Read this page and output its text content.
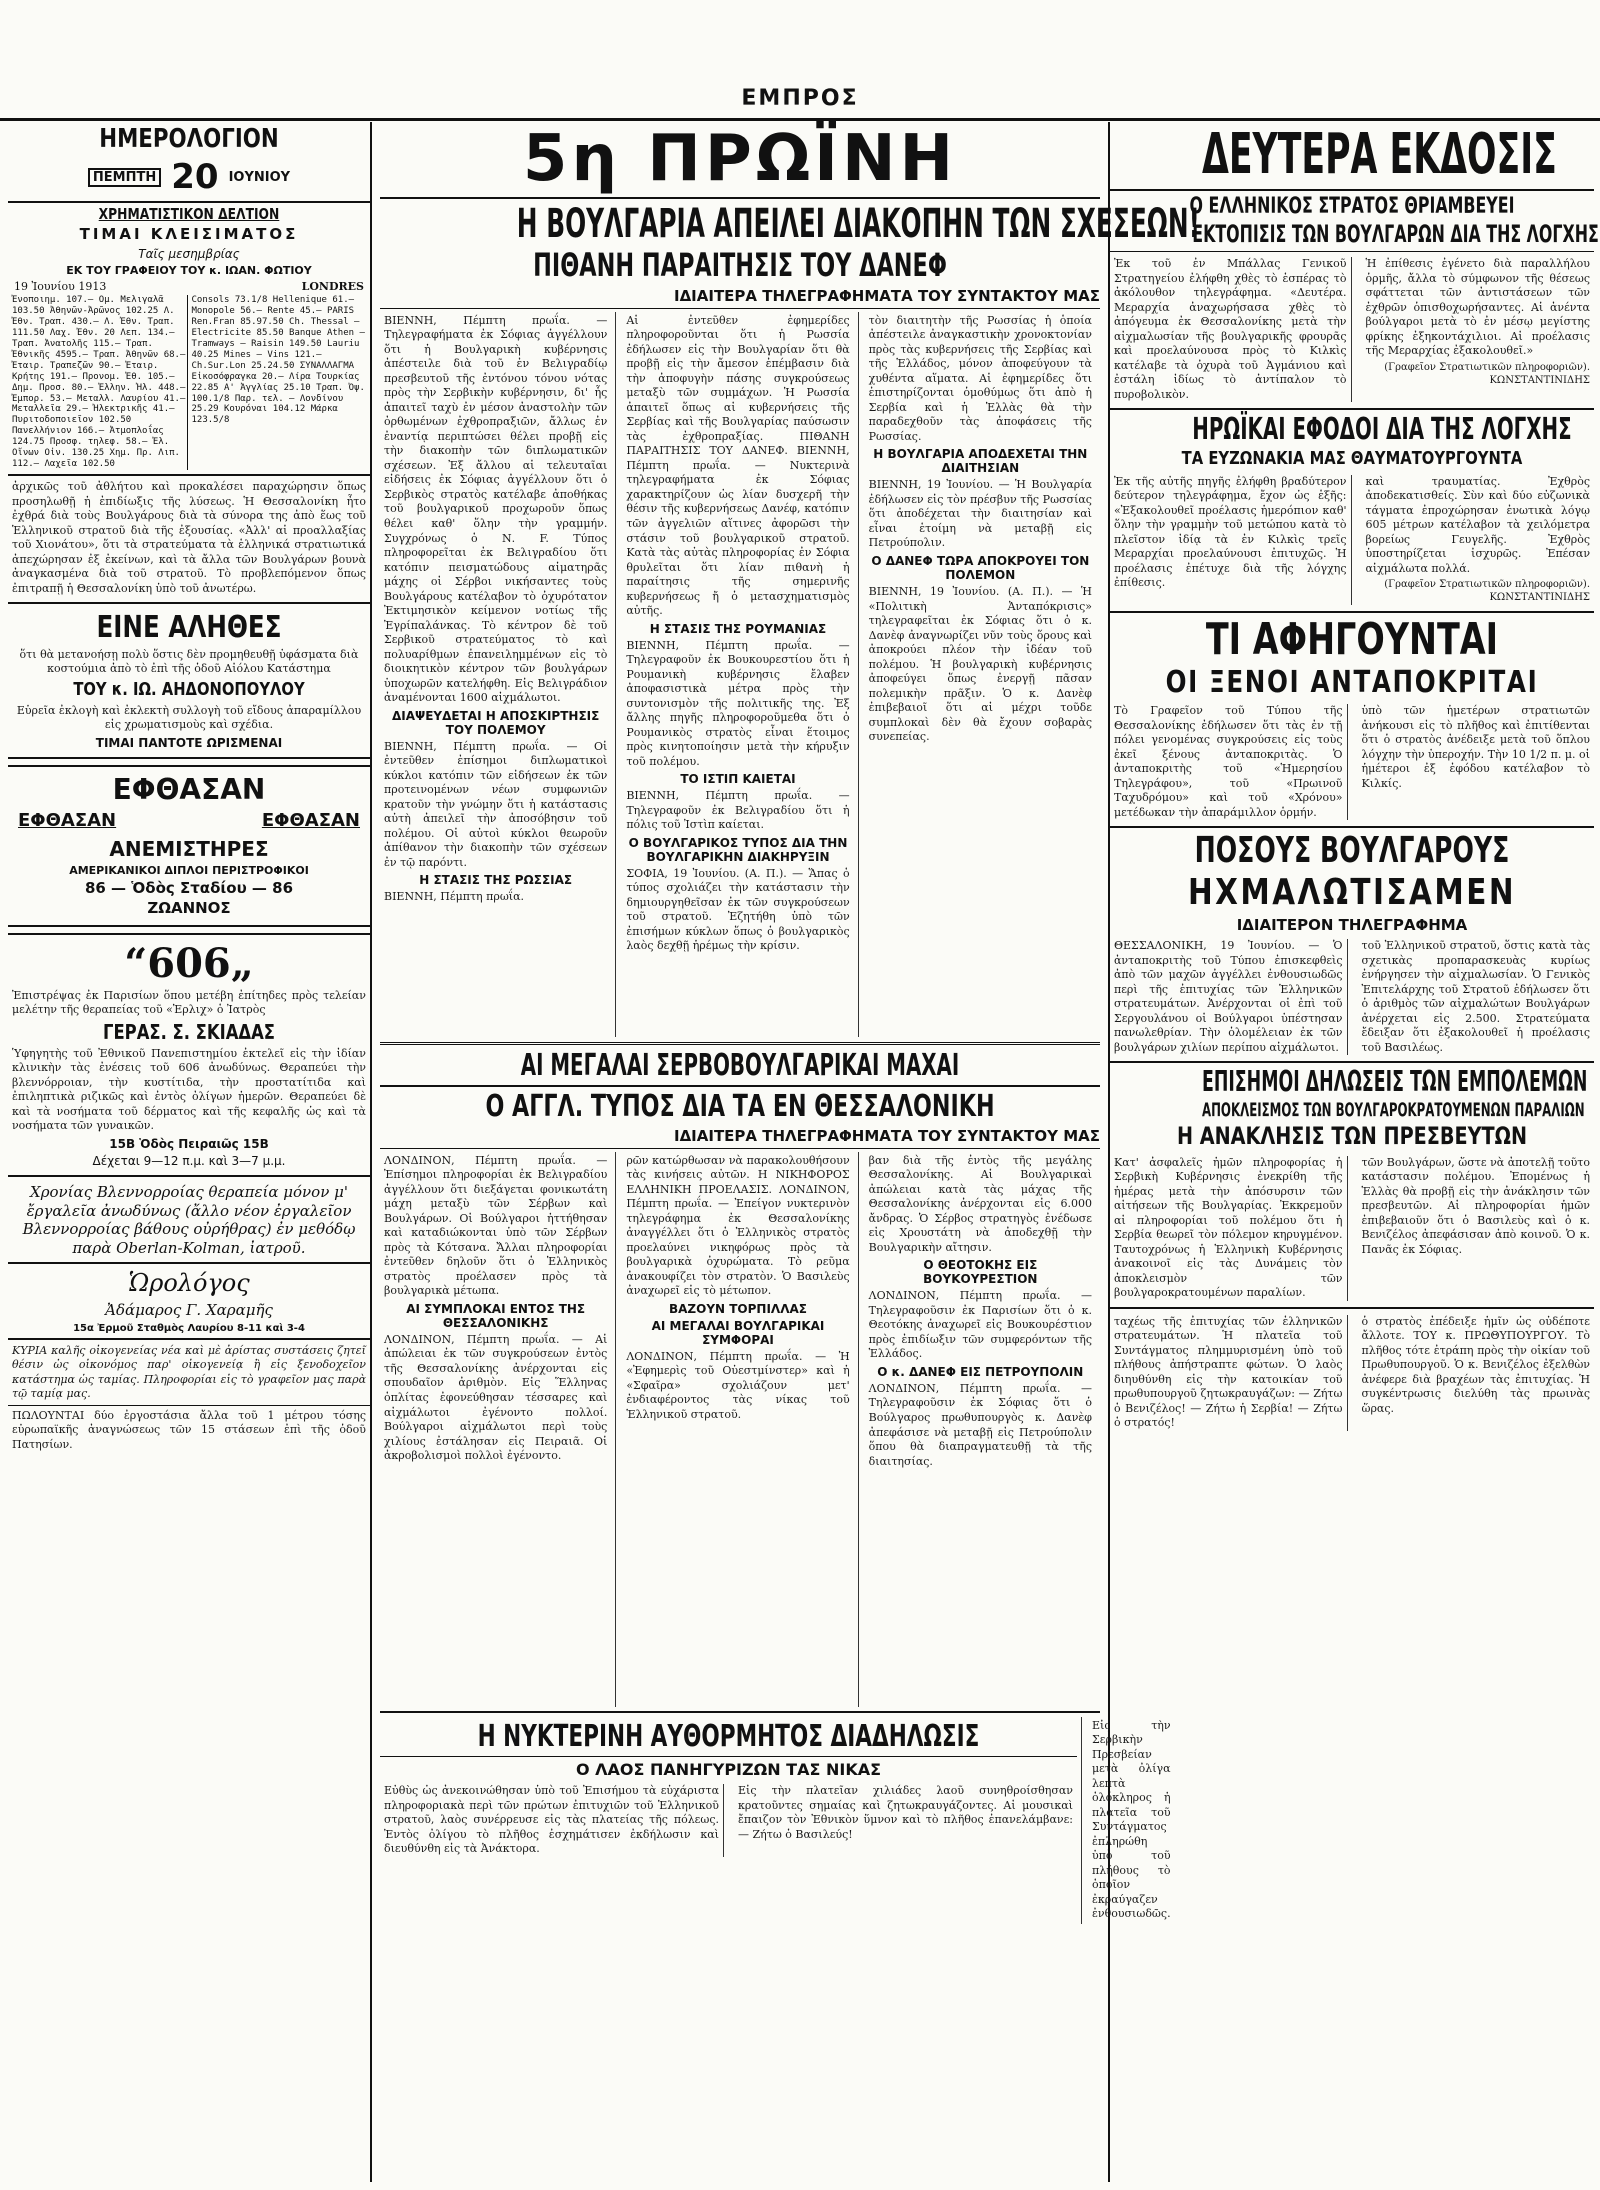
ΕΜΠΡΟΣ
ΗΜΕΡΟΛΟΓΙΟΝ
ΠΕΜΠΤΗ 20 ΙΟΥΝΙΟΥ
ΧΡΗΜΑΤΙΣΤΙΚΟΝ ΔΕΛΤΙΟΝ
ΤΙΜΑΙ ΚΛΕΙΣΙΜΑΤΟΣ
Ταῖς μεσημβρίας
ΕΚ ΤΟΥ ΓΡΑΦΕΙΟΥ ΤΟΥ κ. ΙΩΑΝ. ΦΩΤΙΟΥ
19 Ἰουνίου 1913	LONDRES
Ἐνοποιημ. 107.— Οµ. Μελιγαλᾶ 103.50 Ἀθηνῶν-Ἀρῶνος 102.25 Λ. Ἐθν. Τραπ. 430.— Λ. Ἐθν. Τραπ. 111.50 Λαχ. Ἐθν. 20 Λεπ. 134.— Τραπ. Ἀνατολῆς 115.— Τραπ. Ἐθνικῆς 4595.— Τραπ. Ἀθηνῶν 68.— Ἐταιρ. Τραπεζῶν 90.— Ἐταιρ. Κρήτης 191.— Προνομ. Ἐθ. 105.— Δημ. Προσ. 80.— Ἐλλην. Ἠλ. 448.— Ἐμπορ. 53.— Μεταλλ. Λαυρίου 41.— Μεταλλεῖα 29.— Ἠλεκτρικῆς 41.— Πυριτοδοποιεῖον 102.50 Πανελλήνιον 166.— Ἀτμοπλοΐας 124.75 Προσφ. τηλεφ. 58.— Ἐλ. Οἴνων Οἰν. 130.25 Χημ. Πρ. Λιπ. 112.— Λαχεῖα 102.50
Consols 73.1/8 Hellenique 61.— Monopole 56.— Rente 45.— PARIS Ren.Fran 85.97.50 Ch. Thessal — Electricite 85.50 Banque Athen — Tramways — Raisin 149.50 Lauriu 40.25 Mines — Vins 121.— Ch.Sur.Lon 25.24.50 ΣΥΝΑΛΛΑΓΜΑ Εἰκοσόφραγκα 20.— Λίρα Τουρκίας 22.85 Α' Ἀγγλίας 25.10 Τραπ. Ὀψ. 100.1/8 Παρ. τελ. — Λονδίνου 25.29 Κουρόναι 104.12 Μάρκα 123.5/8
ἀρχικῶς τοῦ ἀθλήτου καὶ προκαλέσει παραχώρησιν ὅπως προσηλωθῇ ἡ ἐπιδίωξις τῆς λύσεως. Ἡ Θεσσαλονίκη ἦτο ἐχθρά διὰ τοὺς Βουλγάρους διὰ τὰ σύνορα της ἀπὸ ἕως τοῦ Ἑλληνικοῦ στρατοῦ διὰ τῆς ἐξουσίας. «Ἀλλ' αἱ προαλλαξίας τοῦ Χιονάτου», ὅτι τὰ στρατεύματα τὰ ἑλληνικά στρατιωτικά ἀπεχώρησαν ἐξ ἐκείνων, καὶ τὰ ἄλλα τῶν Βουλγάρων βουνὰ ἀναγκασμένα διὰ τοῦ στρατοῦ. Τὸ προβλεπόμενον ὅπως ἐπιτραπῇ ἡ Θεσσαλονίκη ὑπὸ τοῦ ἀνωτέρω.
ΕΙΝΕ ΑΛΗΘΕΣ
ὅτι θὰ μετανοήσῃ πολὺ ὅστις δὲν προμηθευθῇ ὑφάσματα διὰ κοστούμια ἀπὸ τὸ ἐπὶ τῆς ὁδοῦ Αἰόλου Κατάστημα
ΤΟΥ κ. ΙΩ. ΑΗΔΟΝΟΠΟΥΛΟΥ
Εὑρεῖα ἐκλογὴ καὶ ἐκλεκτὴ συλλογὴ τοῦ εἴδους ἀπαραμίλλου εἰς χρωματισμοὺς καὶ σχέδια.
ΤΙΜΑΙ ΠΑΝΤΟΤΕ ΩΡΙΣΜΕΝΑΙ
ΕΦΘΑΣΑΝ
ΕΦΘΑΣΑΝ	ΕΦΘΑΣΑΝ
ΑΝΕΜΙΣΤΗΡΕΣ
ΑΜΕΡΙΚΑΝΙΚΟΙ ΔΙΠΛΟΙ ΠΕΡΙΣΤΡΟΦΙΚΟΙ
86 — Ὁδὸς Σταδίου — 86
ΖΩΑΝΝΟΣ
“606„
Ἐπιστρέψας ἐκ Παρισίων ὅπου μετέβη ἐπίτηδες πρὸς τελείαν μελέτην τῆς θεραπείας τοῦ «Ἐρλιχ» ὁ Ἰατρὸς
ΓΕΡΑΣ. Σ. ΣΚΙΑΔΑΣ
Ὑφηγητὴς τοῦ Ἐθνικοῦ Πανεπιστημίου ἐκτελεῖ εἰς τὴν ἰδίαν κλινικὴν τὰς ἐνέσεις τοῦ 606 ἀνωδύνως. Θεραπεύει τὴν βλεννόρροιαν, τὴν κυστίτιδα, τὴν προστατίτιδα καὶ ἐπιληπτικὰ ριζικῶς καὶ ἐντὸς ὀλίγων ἡμερῶν. Θεραπεύει δὲ καὶ τὰ νοσήματα τοῦ δέρματος καὶ τῆς κεφαλῆς ὡς καὶ τὰ νοσήματα τῶν γυναικῶν.
15Β Ὁδὸς Πειραιῶς 15Β
Δέχεται 9—12 π.μ. καὶ 3—7 μ.μ.
Χρονίας Βλεννορροίας θεραπεία μόνον μ' ἔργαλεῖα ἀνωδύνως (ἄλλο νέον ἐργαλεῖον Βλεννορροίας βάθους οὐρήθρας) ἐν μεθόδῳ παρὰ Oberlan-Kolman, ἰατροῦ.
Ὡρολόγος
Ἀδάμαρος Γ. Χαραμῆς
15α Ἐρμοῦ Σταθμὸς Λαυρίου 8-11 καὶ 3-4
ΚΥΡΙΑ καλῆς οἰκογενείας νέα καὶ μὲ ἀρίστας συστάσεις ζητεῖ θέσιν ὡς οἰκονόμος παρ' οἰκογενείᾳ ἢ εἰς ξενοδοχεῖον κατάστημα ὡς ταμίας. Πληροφορίαι εἰς τὸ γραφεῖον μας παρὰ τῷ ταμίᾳ μας.
ΠΩΛΟΥΝΤΑΙ δύο ἐργοστάσια ἄλλα τοῦ 1 μέτρου τόσης εὐρωπαϊκῆς ἀναγνώσεως τῶν 15 στάσεων ἐπὶ τῆς ὁδοῦ Πατησίων.
5η ΠΡΩΪΝΗ
Η ΒΟΥΛΓΑΡΙΑ ΑΠΕΙΛΕΙ ΔΙΑΚΟΠΗΝ ΤΩΝ ΣΧΕΣΕΩΝ!
ΠΙΘΑΝΗ ΠΑΡΑΙΤΗΣΙΣ ΤΟΥ ΔΑΝΕΦ
ΙΔΙΑΙΤΕΡΑ ΤΗΛΕΓΡΑΦΗΜΑΤΑ ΤΟΥ ΣΥΝΤΑΚΤΟΥ ΜΑΣ
ΒΙΕΝΝΗ, Πέμπτη πρωΐα. — Τηλεγραφήματα ἐκ Σόφιας ἀγγέλλουν ὅτι ἡ Βουλγαρικὴ κυβέρνησις ἀπέστειλε διὰ τοῦ ἐν Βελιγραδίῳ πρεσβευτοῦ τῆς ἐντόνου τόνου νότας πρὸς τὴν Σερβικὴν κυβέρνησιν, δι' ἧς ἀπαιτεῖ ταχὺ ἐν μέσον ἀναστολὴν τῶν ὀρθωμένων ἐχθροπραξιῶν, ἄλλως ἐν ἐναντίᾳ περιπτώσει θέλει προβῇ εἰς τὴν διακοπὴν τῶν διπλωματικῶν σχέσεων. Ἐξ ἄλλου αἱ τελευταῖαι εἰδήσεις ἐκ Σόφιας ἀγγέλλουν ὅτι ὁ Σερβικὸς στρατὸς κατέλαβε ἀποθήκας τοῦ βουλγαρικοῦ προχωροῦν ὅπως θέλει καθ' ὅλην τὴν γραμμήν. Συγχρόνως ὁ Ν. F. Τύπος πληροφορεῖται ἐκ Βελιγραδίου ὅτι κατόπιν πεισματώδους αἱματηρᾶς μάχης οἱ Σέρβοι νικήσαντες τοὺς Βουλγάρους κατέλαβον τὸ ὀχυρότατον Ἐκτιμησικὸν κείμενον νοτίως τῆς Ἐγρίπαλάνκας. Τὸ κέντρον δὲ τοῦ Σερβικοῦ στρατεύματος τὸ καὶ πολυαρίθμων ἐπανειλημμένων εἰς τὸ διοικητικὸν κέντρον τῶν βουλγάρων ὑποχωρῶν κατελήφθη. Εἰς Βελιγράδιον ἀναμένονται 1600 αἰχμάλωτοι.
ΔΙΑΨΕΥΔΕΤΑΙ Η ΑΠΟΣΚΙΡΤΗΣΙΣ ΤΟΥ ΠΟΛΕΜΟΥ
ΒΙΕΝΝΗ, Πέμπτη πρωΐα. — Οἱ ἐντεῦθεν ἐπίσημοι διπλωματικοὶ κύκλοι κατόπιν τῶν εἰδήσεων ἐκ τῶν προτεινομένων νέων συμφωνιῶν κρατοῦν τὴν γνώμην ὅτι ἡ κατάστασις αὐτὴ ἀπειλεῖ τὴν ἀποσόβησιν τοῦ πολέμου. Οἱ αὐτοὶ κύκλοι θεωροῦν ἀπίθανον τὴν διακοπὴν τῶν σχέσεων ἐν τῷ παρόντι.
Η ΣΤΑΣΙΣ ΤΗΣ ΡΩΣΣΙΑΣ
ΒΙΕΝΝΗ, Πέμπτη πρωΐα.
Αἱ ἐντεῦθεν ἐφημερίδες πληροφοροῦνται ὅτι ἡ Ρωσσία ἐδήλωσεν εἰς τὴν Βουλγαρίαν ὅτι θὰ προβῇ εἰς τὴν ἄμεσον ἐπέμβασιν διὰ τὴν ἀποφυγὴν πάσης συγκρούσεως μεταξὺ τῶν συμμάχων. Ἡ Ρωσσία ἀπαιτεῖ ὅπως αἱ κυβερνήσεις τῆς Σερβίας καὶ τῆς Βουλγαρίας παύσωσιν τὰς ἐχθροπραξίας. ΠΙΘΑΝΗ ΠΑΡΑΙΤΗΣΙΣ ΤΟΥ ΔΑΝΕΦ. ΒΙΕΝΝΗ, Πέμπτη πρωΐα. — Νυκτερινὰ τηλεγραφήματα ἐκ Σόφιας χαρακτηρίζουν ὡς λίαν δυσχερῆ τὴν θέσιν τῆς κυβερνήσεως Δανέφ, κατόπιν τῶν ἀγγελιῶν αἵτινες ἀφορῶσι τὴν στάσιν τοῦ βουλγαρικοῦ στρατοῦ. Κατὰ τὰς αὐτὰς πληροφορίας ἐν Σόφια θρυλεῖται ὅτι λίαν πιθανὴ ἡ παραίτησις τῆς σημερινῆς κυβερνήσεως ἤ ὁ μετασχηματισμὸς αὐτῆς.
Η ΣΤΑΣΙΣ ΤΗΣ ΡΟΥΜΑΝΙΑΣ
ΒΙΕΝΝΗ, Πέμπτη πρωΐα. — Τηλεγραφοῦν ἐκ Βουκουρεστίου ὅτι ἡ Ρουμανικὴ κυβέρνησις ἔλαβεν ἀποφασιστικὰ μέτρα πρὸς τὴν συντονισμὸν τῆς πολιτικῆς της. Ἐξ ἄλλης πηγῆς πληροφοροῦμεθα ὅτι ὁ Ρουμανικὸς στρατὸς εἶναι ἕτοιμος πρὸς κινητοποίησιν μετὰ τὴν κήρυξιν τοῦ πολέμου.
ΤΟ ΙΣΤΙΠ ΚΑΙΕΤΑΙ
ΒΙΕΝΝΗ, Πέμπτη πρωΐα. — Τηλεγραφοῦν ἐκ Βελιγραδίου ὅτι ἡ πόλις τοῦ Ἰστὶπ καίεται.
Ο ΒΟΥΛΓΑΡΙΚΟΣ ΤΥΠΟΣ ΔΙΑ ΤΗΝ ΒΟΥΛΓΑΡΙΚΗΝ ΔΙΑΚΗΡΥΞΙΝ
ΣΟΦΙΑ, 19 Ἰουνίου. (Α. Π.). — Ἅπας ὁ τύπος σχολιάζει τὴν κατάστασιν τὴν δημιουργηθεῖσαν ἐκ τῶν συγκρούσεων τοῦ στρατοῦ. Ἐζητήθη ὑπὸ τῶν ἐπισήμων κύκλων ὅπως ὁ βουλγαρικὸς λαὸς δεχθῇ ἡρέμως τὴν κρίσιν.
τὸν διαιτητὴν τῆς Ρωσσίας ἡ ὁποία ἀπέστειλε ἀναγκαστικὴν χρονοκτονίαν πρὸς τὰς κυβερνήσεις τῆς Σερβίας καὶ τῆς Ἑλλάδος, μόνον ἀποφεύγουν τὰ χυθέντα αἵματα. Αἱ ἐφημερίδες ὅτι ἐπιστηρίζονται ὁμοθύμως ὅτι ἀπὸ ἡ Σερβία καὶ ἡ Ἑλλὰς θὰ τὴν παραδεχθοῦν τὰς ἀποφάσεις τῆς Ρωσσίας.
Η ΒΟΥΛΓΑΡΙΑ ΑΠΟΔΕΧΕΤΑΙ ΤΗΝ ΔΙΑΙΤΗΣΙΑΝ
ΒΙΕΝΝΗ, 19 Ἰουνίου. — Ἡ Βουλγαρία ἐδήλωσεν εἰς τὸν πρέσβυν τῆς Ρωσσίας ὅτι ἀποδέχεται τὴν διαιτησίαν καὶ εἶναι ἑτοίμη νὰ μεταβῇ εἰς Πετρούπολιν.
Ο ΔΑΝΕΦ ΤΩΡΑ ΑΠΟΚΡΟΥΕΙ ΤΟΝ ΠΟΛΕΜΟΝ
ΒΙΕΝΝΗ, 19 Ἰουνίου. (Α. Π.). — Ἡ «Πολιτικὴ Ἀνταπόκρισις» τηλεγραφεῖται ἐκ Σόφιας ὅτι ὁ κ. Δανὲφ ἀναγνωρίζει νῦν τοὺς ὅρους καὶ ἀποκρούει πλέον τὴν ἰδέαν τοῦ πολέμου. Ἡ βουλγαρικὴ κυβέρνησις ἀποφεύγει ὅπως ἐνεργῇ πᾶσαν πολεμικὴν πρᾶξιν. Ὁ κ. Δανὲφ ἐπιβεβαιοῖ ὅτι αἱ μέχρι τοῦδε συμπλοκαὶ δὲν θὰ ἔχουν σοβαρὰς συνεπείας.
ΑΙ ΜΕΓΑΛΑΙ ΣΕΡΒΟΒΟΥΛΓΑΡΙΚΑΙ ΜΑΧΑΙ
Ο ΑΓΓΛ. ΤΥΠΟΣ ΔΙΑ ΤΑ ΕΝ ΘΕΣΣΑΛΟΝΙΚΗ
ΙΔΙΑΙΤΕΡΑ ΤΗΛΕΓΡΑΦΗΜΑΤΑ ΤΟΥ ΣΥΝΤΑΚΤΟΥ ΜΑΣ
ΛΟΝΔΙΝΟΝ, Πέμπτη πρωΐα. — Ἐπίσημοι πληροφορίαι ἐκ Βελιγραδίου ἀγγέλλουν ὅτι διεξάγεται φονικωτάτη μάχη μεταξὺ τῶν Σέρβων καὶ Βουλγάρων. Οἱ Βούλγαροι ἡττήθησαν καὶ καταδιώκονται ὑπὸ τῶν Σέρβων πρὸς τὰ Κότσανα. Ἄλλαι πληροφορίαι ἐντεῦθεν δηλοῦν ὅτι ὁ Ἑλληνικὸς στρατὸς προέλασεν πρὸς τὰ βουλγαρικὰ μέτωπα.
ΑΙ ΣΥΜΠΛΟΚΑΙ ΕΝΤΟΣ ΤΗΣ ΘΕΣΣΑΛΟΝΙΚΗΣ
ΛΟΝΔΙΝΟΝ, Πέμπτη πρωΐα. — Αἱ ἀπώλειαι ἐκ τῶν συγκρούσεων ἐντὸς τῆς Θεσσαλονίκης ἀνέρχονται εἰς σπουδαῖον ἀριθμὸν. Εἰς Ἕλληνας ὁπλίτας ἐφονεύθησαν τέσσαρες καὶ αἰχμάλωτοι ἐγένοντο πολλοί. Βούλγαροι αἰχμάλωτοι περὶ τοὺς χιλίους ἐστάλησαν εἰς Πειραιᾶ. Οἱ ἀκροβολισμοὶ πολλοὶ ἐγένοντο.
ρῶν κατώρθωσαν νὰ παρακολουθήσουν τὰς κινήσεις αὐτῶν. Η ΝΙΚΗΦΟΡΟΣ ΕΛΛΗΝΙΚΗ ΠΡΟΕΛΑΣΙΣ. ΛΟΝΔΙΝΟΝ, Πέμπτη πρωΐα. — Ἐπείγον νυκτερινὸν τηλεγράφημα ἐκ Θεσσαλονίκης ἀναγγέλλει ὅτι ὁ Ἑλληνικὸς στρατὸς προελαύνει νικηφόρως πρὸς τὰ βουλγαρικὰ ὀχυρώματα. Τὸ ρεῦμα ἀνακουφίζει τὸν στρατὸν. Ὁ Βασιλεὺς ἀναχωρεῖ εἰς τὸ μέτωπον.
ΒΑΖΟΥΝ ΤΟΡΠΙΛΛΑΣ
ΑΙ ΜΕΓΑΛΑΙ ΒΟΥΛΓΑΡΙΚΑΙ ΣΥΜΦΟΡΑΙ
ΛΟΝΔΙΝΟΝ, Πέμπτη πρωΐα. — Ἡ «Ἐφημερὶς τοῦ Οὐεστμίνστερ» καὶ ἡ «Σφαῖρα» σχολιάζουν μετ' ἐνδιαφέροντος τὰς νίκας τοῦ Ἑλληνικοῦ στρατοῦ.
βαν διὰ τῆς ἐντὸς τῆς μεγάλης Θεσσαλονίκης. Αἱ Βουλγαρικαὶ ἀπώλειαι κατὰ τὰς μάχας τῆς Θεσσαλονίκης ἀνέρχονται εἰς 6.000 ἄνδρας. Ὁ Σέρβος στρατηγὸς ἐνέδωσε εἰς Χρουστάτη νὰ ἀποδεχθῇ τὴν Βουλγαρικὴν αἴτησιν.
Ο ΘΕΟΤΟΚΗΣ ΕΙΣ ΒΟΥΚΟΥΡΕΣΤΙΟΝ
ΛΟΝΔΙΝΟΝ, Πέμπτη πρωΐα. — Τηλεγραφοῦσιν ἐκ Παρισίων ὅτι ὁ κ. Θεοτόκης ἀναχωρεῖ εἰς Βουκουρέστιον πρὸς ἐπιδίωξιν τῶν συμφερόντων τῆς Ἑλλάδος.
Ο κ. ΔΑΝΕΦ ΕΙΣ ΠΕΤΡΟΥΠΟΛΙΝ
ΛΟΝΔΙΝΟΝ, Πέμπτη πρωΐα. — Τηλεγραφοῦσιν ἐκ Σόφιας ὅτι ὁ Βούλγαρος πρωθυπουργὸς κ. Δανὲφ ἀπεφάσισε νὰ μεταβῇ εἰς Πετρούπολιν ὅπου θὰ διαπραγματευθῇ τὰ τῆς διαιτησίας.
Η ΝΥΚΤΕΡΙΝΗ ΑΥΘΟΡΜΗΤΟΣ ΔΙΑΔΗΛΩΣΙΣ
Ο ΛΑΟΣ ΠΑΝΗΓΥΡΙΖΩΝ ΤΑΣ ΝΙΚΑΣ
Εὐθὺς ὡς ἀνεκοινώθησαν ὑπὸ τοῦ Ἐπισήμου τὰ εὐχάριστα πληροφοριακὰ περὶ τῶν πρώτων ἐπιτυχιῶν τοῦ Ἑλληνικοῦ στρατοῦ, λαὸς συνέρρευσε εἰς τὰς πλατείας τῆς πόλεως. Ἐντὸς ὀλίγου τὸ πλῆθος ἐσχημάτισεν ἐκδήλωσιν καὶ διευθύνθη εἰς τὰ Ἀνάκτορα.
Εἰς τὴν πλατεῖαν χιλιάδες λαοῦ συνηθροίσθησαν κρατοῦντες σημαίας καὶ ζητωκραυγάζοντες. Αἱ μουσικαὶ ἔπαιζον τὸν Ἐθνικὸν ὕμνον καὶ τὸ πλῆθος ἐπανελάμβανε: — Ζήτω ὁ Βασιλεύς!
Εἰς τὴν Σερβικὴν Πρεσβείαν μετὰ ὀλίγα λεπτὰ ὁλόκληρος ἡ πλατεῖα τοῦ Συντάγματος ἐπληρώθη ὑπὸ τοῦ πλήθους τὸ ὁποῖον ἐκραύγαζεν ἐνθουσιωδῶς.
ΔΕΥΤΕΡΑ ΕΚΔΟΣΙΣ
Ο ΕΛΛΗΝΙΚΟΣ ΣΤΡΑΤΟΣ ΘΡΙΑΜΒΕΥΕΙ
ΕΚΤΟΠΙΣΙΣ ΤΩΝ ΒΟΥΛΓΑΡΩΝ ΔΙΑ ΤΗΣ ΛΟΓΧΗΣ
Ἐκ τοῦ ἐν Μπάλλας Γενικοῦ Στρατηγείου ἐλήφθη χθὲς τὸ ἑσπέρας τὸ ἀκόλουθον τηλεγράφημα. «Δευτέρα. Μεραρχία ἀναχωρήσασα χθὲς τὸ ἀπόγευμα ἐκ Θεσσαλονίκης μετὰ τὴν αἰχμαλωσίαν τῆς βουλγαρικῆς φρουρᾶς καὶ προελαύνουσα πρὸς τὸ Κιλκὶς κατέλαβε τὰ ὀχυρὰ τοῦ Ἀγμάνιου καὶ ἐστάλη ἰδίως τὸ ἀντίπαλον τὸ πυροβολικὸν.
Ἡ ἐπίθεσις ἐγένετο διὰ παραλλήλου ὁρμῆς, ἄλλα τὸ σύμφωνον τῆς θέσεως σφάττεται τῶν ἀντιστάσεων τῶν ἐχθρῶν ὁπισθοχωρήσαντες. Αἱ ἀνέντα βούλγαροι μετὰ τὸ ἐν μέσῳ μεγίστης φρίκης ἐξηκοντάχιλιοι. Αἱ προέλασις τῆς Μεραρχίας ἐξακολουθεῖ.»
(Γραφεῖον Στρατιωτικῶν πληροφοριῶν). ΚΩΝΣΤΑΝΤΙΝΙΔΗΣ
ΗΡΩΪΚΑΙ ΕΦΟΔΟΙ ΔΙΑ ΤΗΣ ΛΟΓΧΗΣ
ΤΑ ΕΥΖΩΝΑΚΙΑ ΜΑΣ ΘΑΥΜΑΤΟΥΡΓΟΥΝΤΑ
Ἐκ τῆς αὐτῆς πηγῆς ἐλήφθη βραδύτερον δεύτερον τηλεγράφημα, ἔχον ὡς ἑξῆς: «Ἐξακολουθεῖ προέλασις ἡμερόπιον καθ' ὅλην τὴν γραμμὴν τοῦ μετώπου κατὰ τὸ πλεῖστον ἰδίᾳ τὰ ἐν Κιλκὶς τρεῖς Μεραρχίαι προελαύνουσι ἐπιτυχῶς. Ἡ προέλασις ἐπέτυχε διὰ τῆς λόγχης ἐπίθεσις.
καὶ τραυματίας. Ἐχθρὸς ἀποδεκατισθείς. Σὺν καὶ δύο εὐζωνικὰ τάγματα ἐπροχώρησαν ἐνωτικὰ λόγῳ 605 μέτρων κατέλαβον τὰ χειλόμετρα βορείως Γευγελῆς. Ἐχθρὸς ὑποστηρίζεται ἰσχυρῶς. Ἐπέσαν αἰχμάλωτα πολλά.
(Γραφεῖον Στρατιωτικῶν πληροφοριῶν). ΚΩΝΣΤΑΝΤΙΝΙΔΗΣ
ΤΙ ΑΦΗΓΟΥΝΤΑΙ
ΟΙ ΞΕΝΟΙ ΑΝΤΑΠΟΚΡΙΤΑΙ
Τὸ Γραφεῖον τοῦ Τύπου τῆς Θεσσαλονίκης ἐδήλωσεν ὅτι τὰς ἐν τῇ πόλει γενομένας συγκρούσεις εἰς τοὺς ἐκεῖ ξένους ἀνταποκριτὰς. Ὁ ἀνταποκριτὴς τοῦ «Ἡμερησίου Τηλεγράφου», τοῦ «Πρωινοῦ Ταχυδρόμου» καὶ τοῦ «Χρόνου» μετέδωκαν τὴν ἀπαράμιλλον ὁρμήν.
ὑπὸ τῶν ἡμετέρων στρατιωτῶν ἀνήκουσι εἰς τὸ πλῆθος καὶ ἐπιτίθενται ὅτι ὁ στρατὸς ἀνέδειξε μετὰ τοῦ ὅπλου λόγχην τὴν ὑπεροχήν. Τὴν 10 1/2 π. μ. οἱ ἡμέτεροι ἐξ ἐφόδου κατέλαβον τὸ Κιλκίς.
ΠΟΣΟΥΣ ΒΟΥΛΓΑΡΟΥΣ
ΗΧΜΑΛΩΤΙΣΑΜΕΝ
ΙΔΙΑΙΤΕΡΟΝ ΤΗΛΕΓΡΑΦΗΜΑ
ΘΕΣΣΑΛΟΝΙΚΗ, 19 Ἰουνίου. — Ὁ ἀνταποκριτὴς τοῦ Τύπου ἐπισκεφθεὶς ἀπὸ τῶν μαχῶν ἀγγέλλει ἐνθουσιωδῶς περὶ τῆς ἐπιτυχίας τῶν Ἑλληνικῶν στρατευμάτων. Ἀνέρχονται οἱ ἐπὶ τοῦ Σεργουλάνου οἱ Βούλγαροι ὑπέστησαν πανωλεθρίαν. Τὴν ὁλομέλειαν ἐκ τῶν βουλγάρων χιλίων περίπου αἰχμάλωτοι.
τοῦ Ἑλληνικοῦ στρατοῦ, ὅστις κατὰ τὰς σχετικὰς προπαρασκευὰς κυρίως ἐνήργησεν τὴν αἰχμαλωσίαν. Ὁ Γενικὸς Ἐπιτελάρχης τοῦ Στρατοῦ ἐδήλωσεν ὅτι ὁ ἀριθμὸς τῶν αἰχμαλώτων Βουλγάρων ἀνέρχεται εἰς 2.500. Στρατεύματα ἔδειξαν ὅτι ἐξακολουθεῖ ἡ προέλασις τοῦ Βασιλέως.
ΕΠΙΣΗΜΟΙ ΔΗΛΩΣΕΙΣ ΤΩΝ ΕΜΠΟΛΕΜΩΝ
ΑΠΟΚΛΕΙΣΜΟΣ ΤΩΝ ΒΟΥΛΓΑΡΟΚΡΑΤΟΥΜΕΝΩΝ ΠΑΡΑΛΙΩΝ
Η ΑΝΑΚΛΗΣΙΣ ΤΩΝ ΠΡΕΣΒΕΥΤΩΝ
Κατ' ἀσφαλεῖς ἡμῶν πληροφορίας ἡ Σερβικὴ Κυβέρνησις ἐνεκρίθη τῆς ἡμέρας μετὰ τὴν ἀπόσυρσιν τῶν αἰτήσεων τῆς Βουλγαρίας. Ἐκκρεμοῦν αἱ πληροφορίαι τοῦ πολέμου ὅτι ἡ Σερβία θεωρεῖ τὸν πόλεμον κηρυγμένον. Ταυτοχρόνως ἡ Ἑλληνικὴ Κυβέρνησις ἀνακοινοῖ εἰς τὰς Δυνάμεις τὸν ἀποκλεισμὸν τῶν βουλγαροκρατουμένων παραλίων.
τῶν Βουλγάρων, ὥστε νὰ ἀποτελῇ τοῦτο κατάστασιν πολέμου. Ἐπομένως ἡ Ἑλλὰς θὰ προβῇ εἰς τὴν ἀνάκλησιν τῶν πρεσβευτῶν. Αἱ πληροφορίαι ἡμῶν ἐπιβεβαιοῦν ὅτι ὁ Βασιλεὺς καὶ ὁ κ. Βενιζέλος ἀπεφάσισαν ἀπὸ κοινοῦ. Ὁ κ. Πανᾶς ἐκ Σόφιας.
ταχέως τῆς ἐπιτυχίας τῶν ἑλληνικῶν στρατευμάτων. Ἡ πλατεῖα τοῦ Συντάγματος πλημμυρισμένη ὑπὸ τοῦ πλήθους ἀπήστραπτε φώτων. Ὁ λαὸς διηυθύνθη εἰς τὴν κατοικίαν τοῦ πρωθυπουργοῦ ζητωκραυγάζων: — Ζήτω ὁ Βενιζέλος! — Ζήτω ἡ Σερβία! — Ζήτω ὁ στρατός!
ὁ στρατὸς ἐπέδειξε ἡμῖν ὡς οὐδέποτε ἄλλοτε. ΤΟΥ κ. ΠΡΩΘΥΠΟΥΡΓΟΥ. Τὸ πλῆθος τότε ἐτράπη πρὸς τὴν οἰκίαν τοῦ Πρωθυπουργοῦ. Ὁ κ. Βενιζέλος ἐξελθὼν ἀνέφερε διὰ βραχέων τὰς ἐπιτυχίας. Ἡ συγκέντρωσις διελύθη τὰς πρωινὰς ὥρας.
